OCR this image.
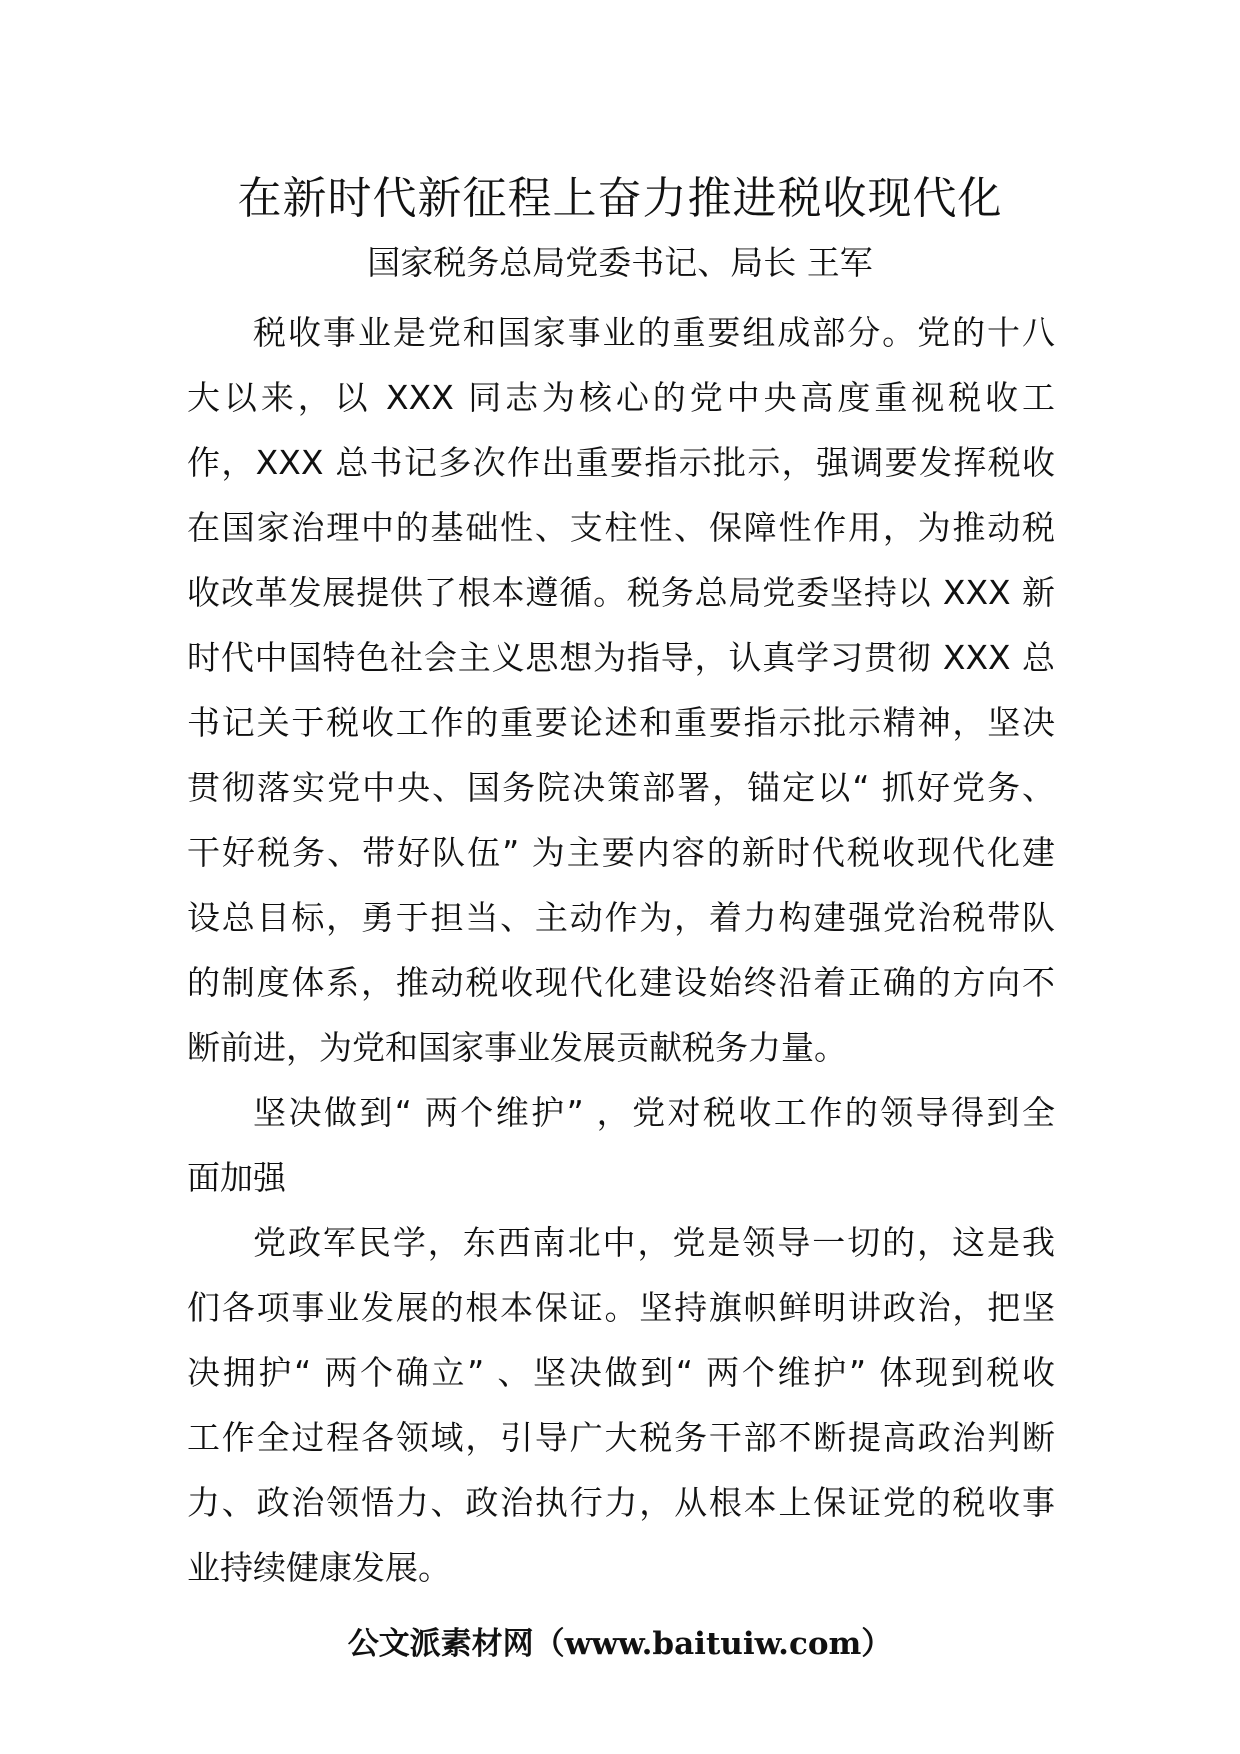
在新时代新征程上奋力推进税收现代化
国家税务总局党委书记、局长 王军
税收事业是党和国家事业的重要组成部分。党的十八
大以来，以 XXX 同志为核心的党中央高度重视税收工
作，XXX 总书记多次作出重要指示批示，强调要发挥税收
在国家治理中的基础性、支柱性、保障性作用，为推动税
收改革发展提供了根本遵循。税务总局党委坚持以 XXX 新
时代中国特色社会主义思想为指导，认真学习贯彻 XXX 总
书记关于税收工作的重要论述和重要指示批示精神，坚决
贯彻落实党中央、国务院决策部署，锚定以“ 抓好党务、
干好税务、带好队伍” 为主要内容的新时代税收现代化建
设总目标，勇于担当、主动作为，着力构建强党治税带队
的制度体系，推动税收现代化建设始终沿着正确的方向不
断前进，为党和国家事业发展贡献税务力量。
坚决做到“ 两个维护” ，党对税收工作的领导得到全
面加强
党政军民学，东西南北中，党是领导一切的，这是我
们各项事业发展的根本保证。坚持旗帜鲜明讲政治，把坚
决拥护“ 两个确立” 、坚决做到“ 两个维护” 体现到税收
工作全过程各领域，引导广大税务干部不断提高政治判断
力、政治领悟力、政治执行力，从根本上保证党的税收事
业持续健康发展。
公文派素材网（www.baituiw.com）
